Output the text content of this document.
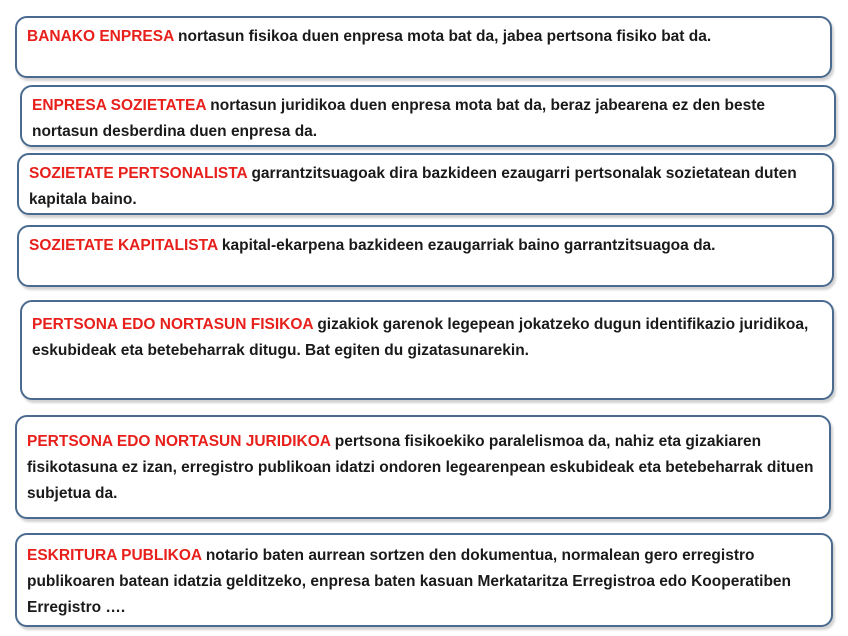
BANAKO ENPRESA nortasun fisikoa duen enpresa mota bat da, jabea pertsona fisiko bat da.
ENPRESA SOZIETATEA nortasun juridikoa duen enpresa mota bat da, beraz jabearena ez den beste nortasun desberdina duen enpresa da.
SOZIETATE PERTSONALISTA garrantzitsuagoak dira bazkideen ezaugarri pertsonalak sozietatean duten kapitala baino.
SOZIETATE KAPITALISTA kapital-ekarpena bazkideen ezaugarriak baino garrantzitsuagoa da.
PERTSONA EDO NORTASUN FISIKOA gizakiok garenok legepean jokatzeko dugun identifikazio juridikoa, eskubideak eta betebeharrak ditugu. Bat egiten du gizatasunarekin.
PERTSONA EDO NORTASUN JURIDIKOA pertsona fisikoekiko paralelismoa da, nahiz eta gizakiaren fisikotasuna ez izan, erregistro publikoan idatzi ondoren legearenpean eskubideak eta betebeharrak dituen subjetua da.
ESKRITURA PUBLIKOA notario baten aurrean sortzen den dokumentua, normalean gero erregistro publikoaren batean idatzia gelditzeko, enpresa baten kasuan Merkataritza Erregistroa edo Kooperatiben Erregistro ….
